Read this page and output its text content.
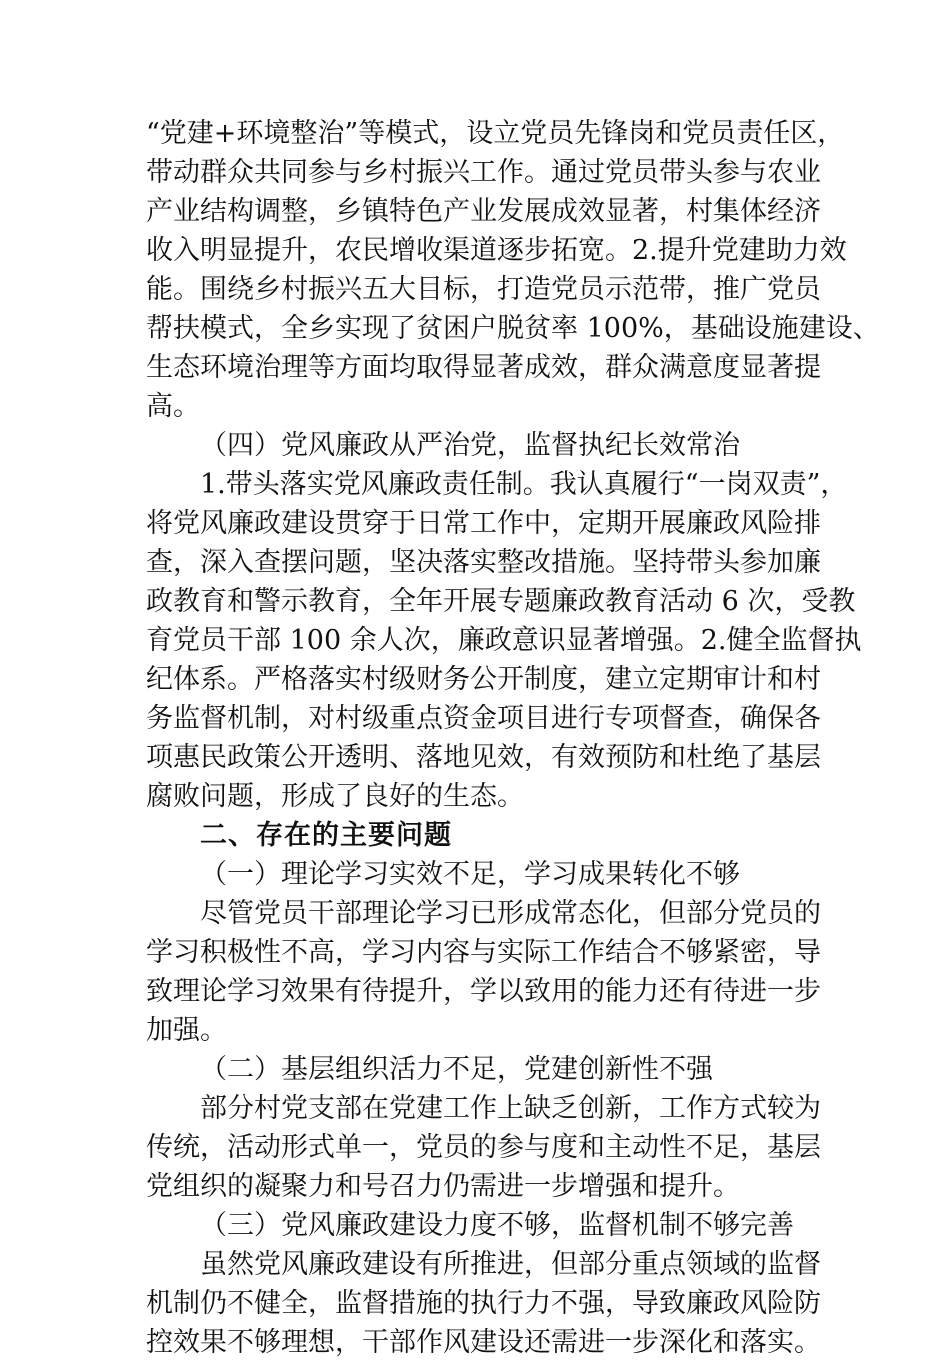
“党建+环境整治”等模式，设立党员先锋岗和党员责任区，
带动群众共同参与乡村振兴工作。通过党员带头参与农业
产业结构调整，乡镇特色产业发展成效显著，村集体经济
收入明显提升，农民增收渠道逐步拓宽。2.提升党建助力效
能。围绕乡村振兴五大目标，打造党员示范带，推广党员
帮扶模式，全乡实现了贫困户脱贫率 100%，基础设施建设、
生态环境治理等方面均取得显著成效，群众满意度显著提
高。
（四）党风廉政从严治党，监督执纪长效常治
1.带头落实党风廉政责任制。我认真履行“一岗双责”，
将党风廉政建设贯穿于日常工作中，定期开展廉政风险排
查，深入查摆问题，坚决落实整改措施。坚持带头参加廉
政教育和警示教育，全年开展专题廉政教育活动 6 次，受教
育党员干部 100 余人次，廉政意识显著增强。2.健全监督执
纪体系。严格落实村级财务公开制度，建立定期审计和村
务监督机制，对村级重点资金项目进行专项督查，确保各
项惠民政策公开透明、落地见效，有效预防和杜绝了基层
腐败问题，形成了良好的生态。
二、存在的主要问题
（一）理论学习实效不足，学习成果转化不够
尽管党员干部理论学习已形成常态化，但部分党员的
学习积极性不高，学习内容与实际工作结合不够紧密，导
致理论学习效果有待提升，学以致用的能力还有待进一步
加强。
（二）基层组织活力不足，党建创新性不强
部分村党支部在党建工作上缺乏创新，工作方式较为
传统，活动形式单一，党员的参与度和主动性不足，基层
党组织的凝聚力和号召力仍需进一步增强和提升。
（三）党风廉政建设力度不够，监督机制不够完善
虽然党风廉政建设有所推进，但部分重点领域的监督
机制仍不健全，监督措施的执行力不强，导致廉政风险防
控效果不够理想，干部作风建设还需进一步深化和落实。
